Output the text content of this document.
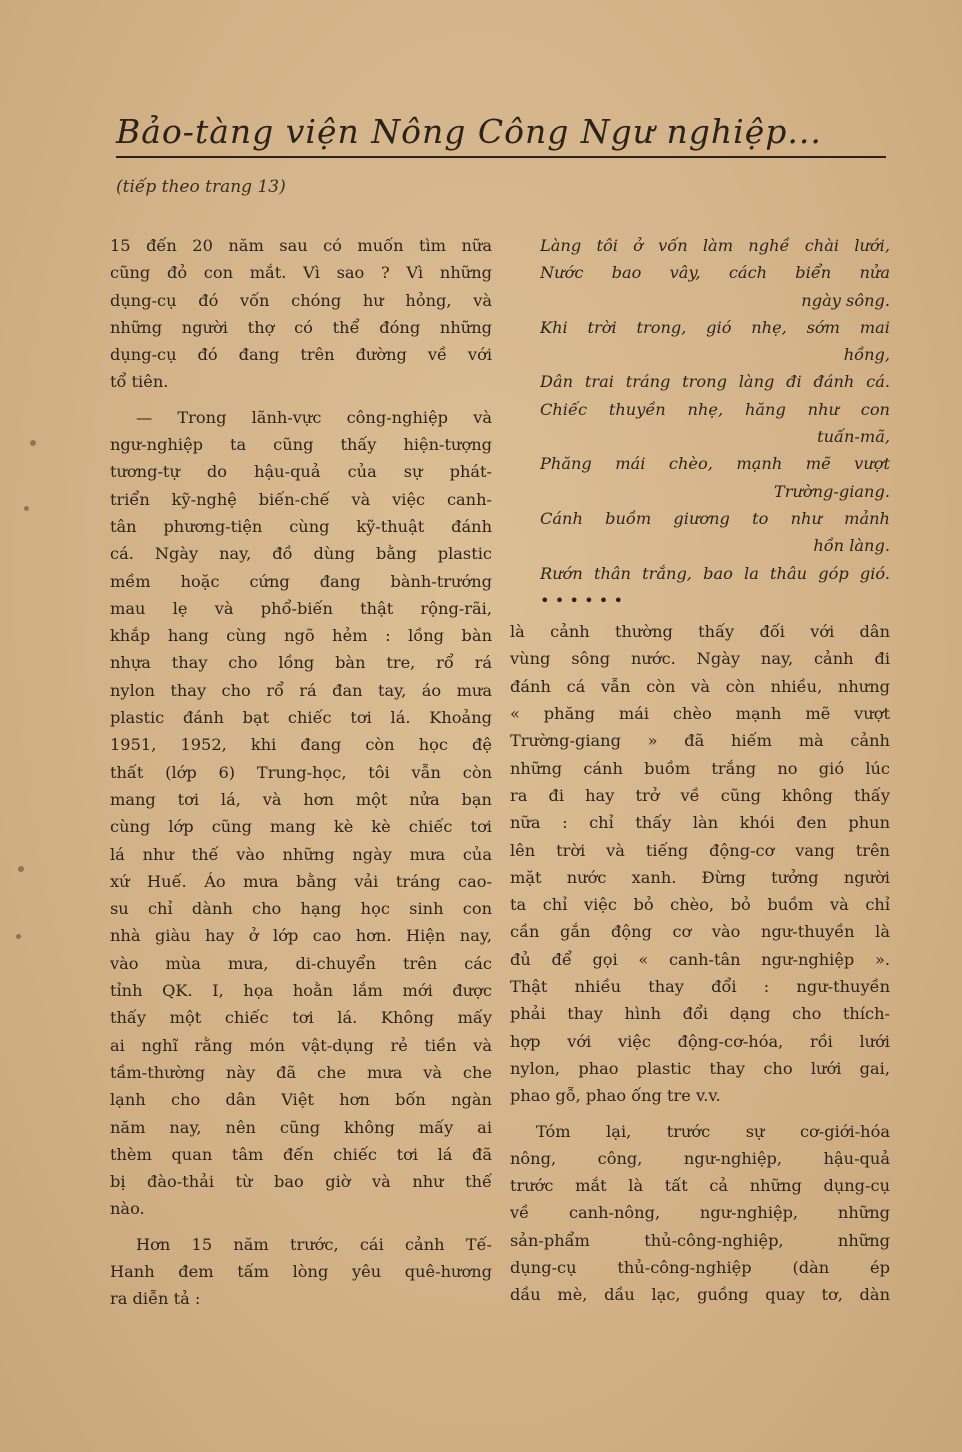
Bảo-tàng viện Nông Công Ngư nghiệp...
(tiếp theo trang 13)
15 đến 20 năm sau có muốn tìm nữa
cũng đỏ con mắt. Vì sao ? Vì những
dụng-cụ đó vốn chóng hư hỏng, và
những người thợ có thể đóng những
dụng-cụ đó đang trên đường về với
tổ tiên.
— Trong lãnh-vực công-nghiệp và
ngư-nghiệp ta cũng thấy hiện-tượng
tương-tự do hậu-quả của sự phát-
triển kỹ-nghệ biến-chế và việc canh-
tân phương-tiện cùng kỹ-thuật đánh
cá. Ngày nay, đồ dùng bằng plastic
mềm hoặc cứng đang bành-trướng
mau lẹ và phổ-biến thật rộng-rãi,
khắp hang cùng ngõ hẻm : lồng bàn
nhựa thay cho lồng bàn tre, rổ rá
nylon thay cho rổ rá đan tay, áo mưa
plastic đánh bạt chiếc tơi lá. Khoảng
1951, 1952, khi đang còn học đệ
thất (lớp 6) Trung-học, tôi vẫn còn
mang tơi lá, và hơn một nửa bạn
cùng lớp cũng mang kè kè chiếc tơi
lá như thế vào những ngày mưa của
xứ Huế. Áo mưa bằng vải tráng cao-
su chỉ dành cho hạng học sinh con
nhà giàu hay ở lớp cao hơn. Hiện nay,
vào mùa mưa, di-chuyển trên các
tỉnh QK. I, họa hoằn lắm mới được
thấy một chiếc tơi lá. Không mấy
ai nghĩ rằng món vật-dụng rẻ tiền và
tầm-thường này đã che mưa và che
lạnh cho dân Việt hơn bốn ngàn
năm nay, nên cũng không mấy ai
thèm quan tâm đến chiếc tơi lá đã
bị đào-thải từ bao giờ và như thế
nào.
Hơn 15 năm trước, cái cảnh Tế-
Hanh đem tấm lòng yêu quê-hương
ra diễn tả :
Làng tôi ở vốn làm nghề chài lưới,
Nước bao vây, cách biển nửa
ngày sông.
Khi trời trong, gió nhẹ, sớm mai
hồng,
Dân trai tráng trong làng đi đánh cá.
Chiếc thuyền nhẹ, hăng như con
tuấn-mã,
Phăng mái chèo, mạnh mẽ vượt
Trường-giang.
Cánh buồm giương to như mảnh
hồn làng.
Rướn thân trắng, bao la thâu góp gió.
• • • • • •
là cảnh thường thấy đối với dân
vùng sông nước. Ngày nay, cảnh đi
đánh cá vẫn còn và còn nhiều, nhưng
« phăng mái chèo mạnh mẽ vượt
Trường-giang » đã hiếm mà cảnh
những cánh buồm trắng no gió lúc
ra đi hay trở về cũng không thấy
nữa : chỉ thấy làn khói đen phun
lên trời và tiếng động-cơ vang trên
mặt nước xanh. Đừng tưởng người
ta chỉ việc bỏ chèo, bỏ buồm và chỉ
cần gắn động cơ vào ngư-thuyền là
đủ để gọi « canh-tân ngư-nghiệp ».
Thật nhiều thay đổi : ngư-thuyền
phải thay hình đổi dạng cho thích-
hợp với việc động-cơ-hóa, rồi lưới
nylon, phao plastic thay cho lưới gai,
phao gỗ, phao ống tre v.v.
Tóm lại, trước sự cơ-giới-hóa
nông, công, ngư-nghiệp, hậu-quả
trước mắt là tất cả những dụng-cụ
về canh-nông, ngư-nghiệp, những
sản-phẩm thủ-công-nghiệp, những
dụng-cụ thủ-công-nghiệp (dàn ép
dầu mè, dầu lạc, guồng quay tơ, dàn
